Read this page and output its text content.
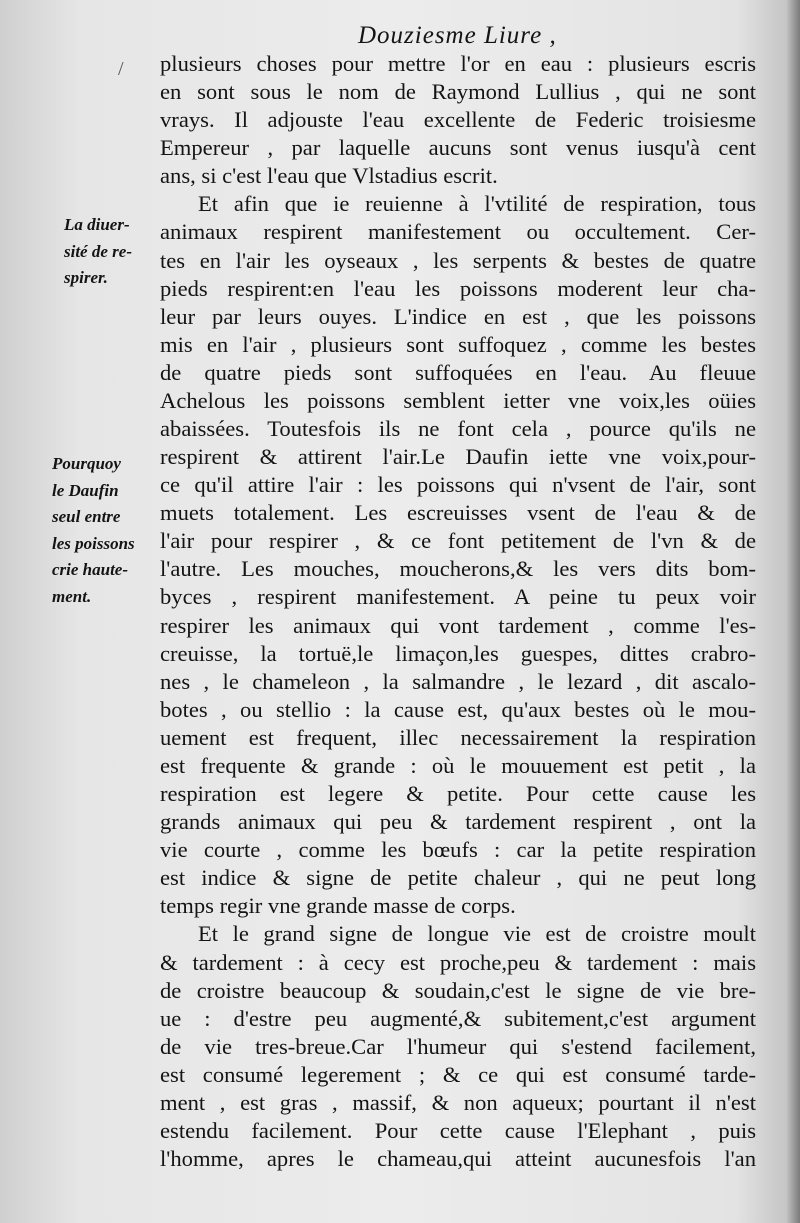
Douziesme Liure ,
/
La diuer-
sité de re-
spirer.
Pourquoy
le Daufin
seul entre
les poissons
crie haute-
ment.
plusieurs choses pour mettre l'or en eau : plusieurs escris
en sont sous le nom de Raymond Lullius , qui ne sont
vrays. Il adjouste l'eau excellente de Federic troisiesme
Empereur , par laquelle aucuns sont venus iusqu'à cent
ans, si c'est l'eau que Vlstadius escrit.
Et afin que ie reuienne à l'vtilité de respiration, tous
animaux respirent manifestement ou occultement. Cer-
tes en l'air les oyseaux , les serpents & bestes de quatre
pieds respirent:en l'eau les poissons moderent leur cha-
leur par leurs ouyes. L'indice en est , que les poissons
mis en l'air , plusieurs sont suffoquez , comme les bestes
de quatre pieds sont suffoquées en l'eau. Au fleuue
Achelous les poissons semblent ietter vne voix,les oüies
abaissées. Toutesfois ils ne font cela , pource qu'ils ne
respirent & attirent l'air.Le Daufin iette vne voix,pour-
ce qu'il attire l'air : les poissons qui n'vsent de l'air, sont
muets totalement. Les escreuisses vsent de l'eau & de
l'air pour respirer , & ce font petitement de l'vn & de
l'autre. Les mouches, moucherons,& les vers dits bom-
byces , respirent manifestement. A peine tu peux voir
respirer les animaux qui vont tardement , comme l'es-
creuisse, la tortuë,le limaçon,les guespes, dittes crabro-
nes , le chameleon , la salmandre , le lezard , dit ascalo-
botes , ou stellio : la cause est, qu'aux bestes où le mou-
uement est frequent, illec necessairement la respiration
est frequente & grande : où le mouuement est petit , la
respiration est legere & petite. Pour cette cause les
grands animaux qui peu & tardement respirent , ont la
vie courte , comme les bœufs : car la petite respiration
est indice & signe de petite chaleur , qui ne peut long
temps regir vne grande masse de corps.
Et le grand signe de longue vie est de croistre moult
& tardement : à cecy est proche,peu & tardement : mais
de croistre beaucoup & soudain,c'est le signe de vie bre-
ue : d'estre peu augmenté,& subitement,c'est argument
de vie tres-breue.Car l'humeur qui s'estend facilement,
est consumé legerement ; & ce qui est consumé tarde-
ment , est gras , massif, & non aqueux; pourtant il n'est
estendu facilement. Pour cette cause l'Elephant , puis
l'homme, apres le chameau,qui atteint aucunesfois l'an
